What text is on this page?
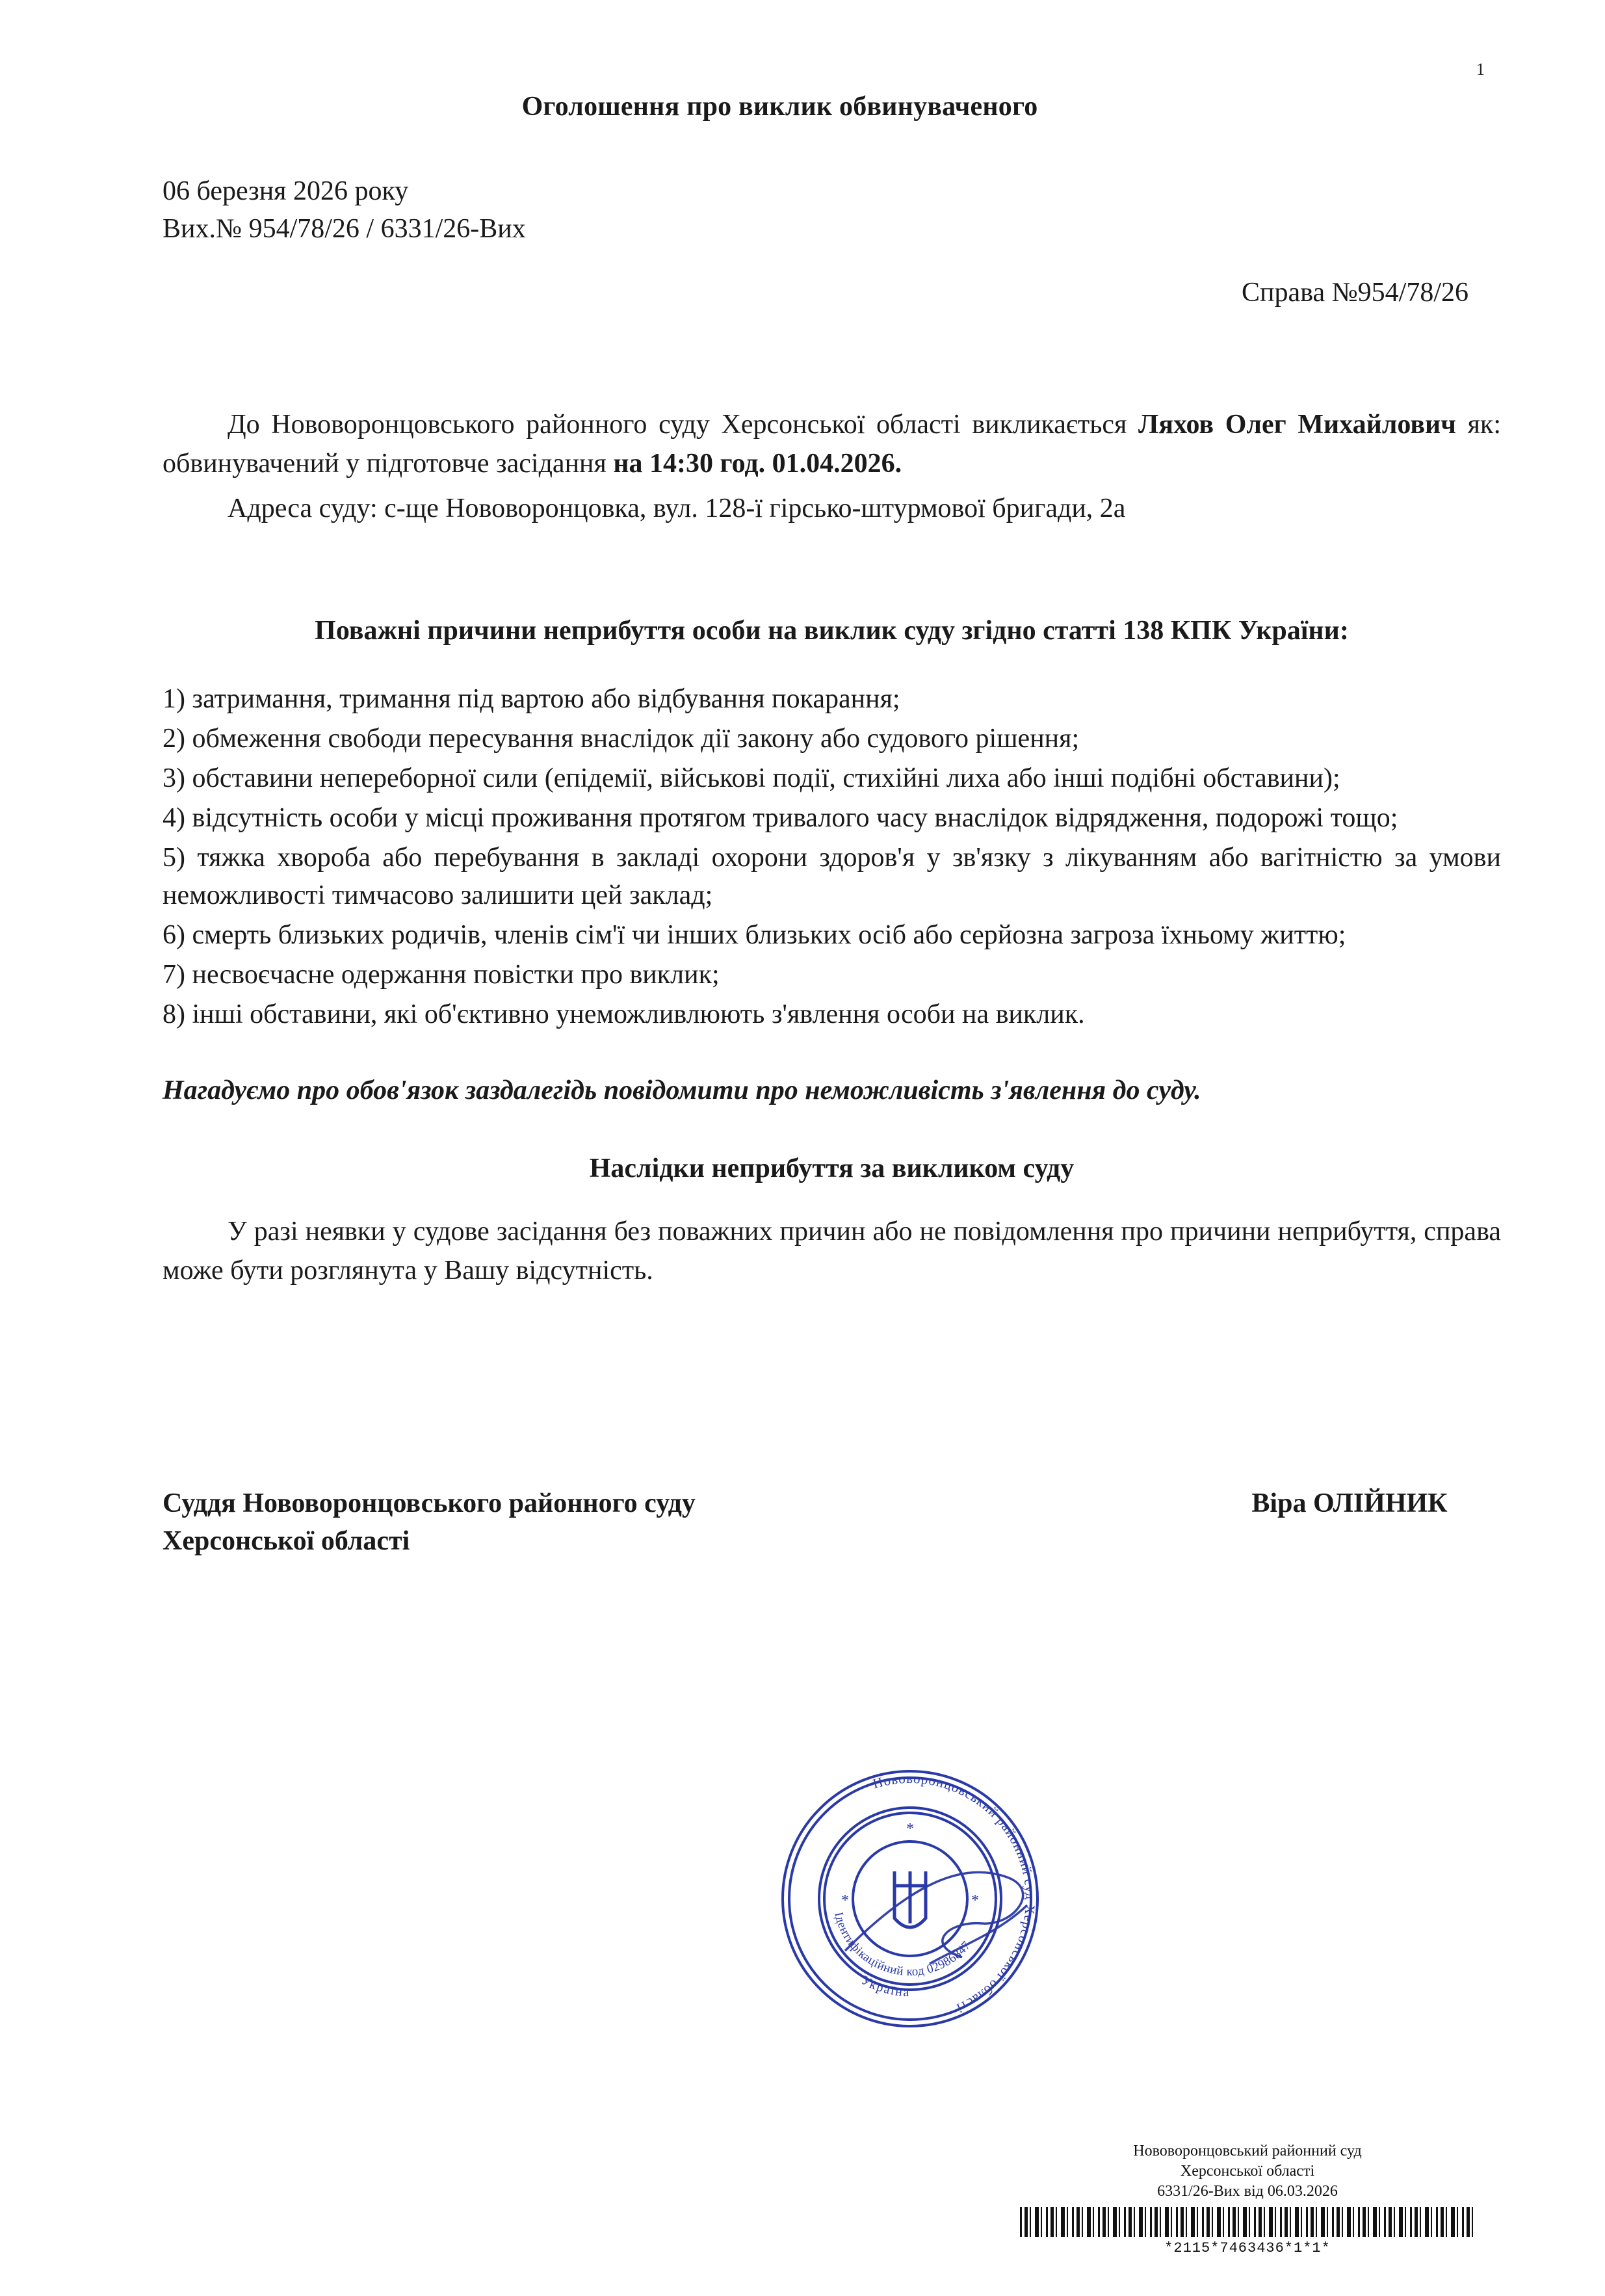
1
Оголошення про виклик обвинуваченого
06 березня 2026 року
Вих.№ 954/78/26 / 6331/26-Вих
Справа №954/78/26
До Нововоронцовського районного суду Херсонської області викликається Ляхов Олег Михайлович як: обвинувачений у підготовче засідання на 14:30 год. 01.04.2026.
Адреса суду: с-ще Нововоронцовка, вул. 128-ї гірсько-штурмової бригади, 2а
Поважні причини неприбуття особи на виклик суду згідно статті 138 КПК України:
1) затримання, тримання під вартою або відбування покарання;
2) обмеження свободи пересування внаслідок дії закону або судового рішення;
3) обставини непереборної сили (епідемії, військові події, стихійні лиха або інші подібні обставини);
4) відсутність особи у місці проживання протягом тривалого часу внаслідок відрядження, подорожі тощо;
5) тяжка хвороба або перебування в закладі охорони здоров'я у зв'язку з лікуванням або вагітністю за умови неможливості тимчасово залишити цей заклад;
6) смерть близьких родичів, членів сім'ї чи інших близьких осіб або серйозна загроза їхньому життю;
7) несвоєчасне одержання повістки про виклик;
8) інші обставини, які об'єктивно унеможливлюють з'явлення особи на виклик.
Нагадуємо про обов'язок заздалегідь повідомити про неможливість з'явлення до суду.
Наслідки неприбуття за викликом суду
У разі неявки у судове засідання без поважних причин або не повідомлення про причини неприбуття, справа може бути розглянута у Вашу відсутність.
Суддя Нововоронцовського районного суду
Херсонської області
Віра ОЛІЙНИК
Нововоронцовський районний суд Херсонської області
Ідентифікаційний код 02986847
Україна
*
*	*
Нововоронцовський районний суд
Херсонської області
6331/26-Вих від 06.03.2026
*2115*7463436*1*1*
